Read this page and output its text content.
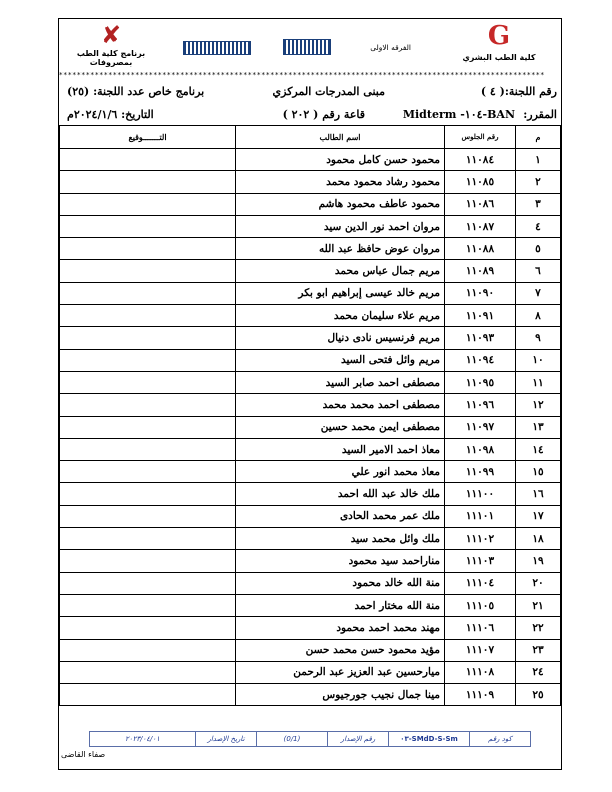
G
كلية الطب البشري
الفرقه الاولى
✘
برنامج كلية الطب بمصروفات
************************************************************************************************************
رقم اللجنة:( ٤ )
مبنى المدرجات المركزي
برنامج خاص عدد اللجنة: (٢٥)
المقرر:
BAN-١٠٤- Midterm
قاعة رقم ( ٢٠٢ )
التاريخ: ٢٠٢٤/١/٦م
م	رقم الجلوس	اسم الطالب	التـــــــوقيع
١	١١٠٨٤	محمود حسن كامل محمود	
٢	١١٠٨٥	محمود رشاد محمود محمد	
٣	١١٠٨٦	محمود عاطف محمود هاشم	
٤	١١٠٨٧	مروان احمد نور الدين سيد	
٥	١١٠٨٨	مروان عوض حافظ عبد الله	
٦	١١٠٨٩	مريم جمال عباس محمد	
٧	١١٠٩٠	مريم خالد عيسى إبراهيم ابو بكر	
٨	١١٠٩١	مريم علاء سليمان محمد	
٩	١١٠٩٣	مريم فرنسيس نادى دنيال	
١٠	١١٠٩٤	مريم وائل فتحى السيد	
١١	١١٠٩٥	مصطفى احمد صابر السيد	
١٢	١١٠٩٦	مصطفى احمد محمد محمد	
١٣	١١٠٩٧	مصطفى ايمن محمد حسين	
١٤	١١٠٩٨	معاذ احمد الامير السيد	
١٥	١١٠٩٩	معاذ محمد انور علي	
١٦	١١١٠٠	ملك خالد عبد الله احمد	
١٧	١١١٠١	ملك عمر محمد الحادى	
١٨	١١١٠٢	ملك وائل محمد سيد	
١٩	١١١٠٣	مناراحمد سيد محمود	
٢٠	١١١٠٤	منة الله خالد محمود	
٢١	١١١٠٥	منة الله مختار احمد	
٢٢	١١١٠٦	مهند محمد احمد محمود	
٢٣	١١١٠٧	مؤيد محمود حسن محمد حسن	
٢٤	١١١٠٨	ميارحسين عبد العزيز عبد الرحمن	
٢٥	١١١٠٩	مينا جمال نجيب جورجيوس	
كود رقم
SMdD-S-Sm-٠٣
رقم الإصدار
(0/1)
تاريخ الإصدار
٢٠٢٣/٠٤/٠١
صفاء القاضى
